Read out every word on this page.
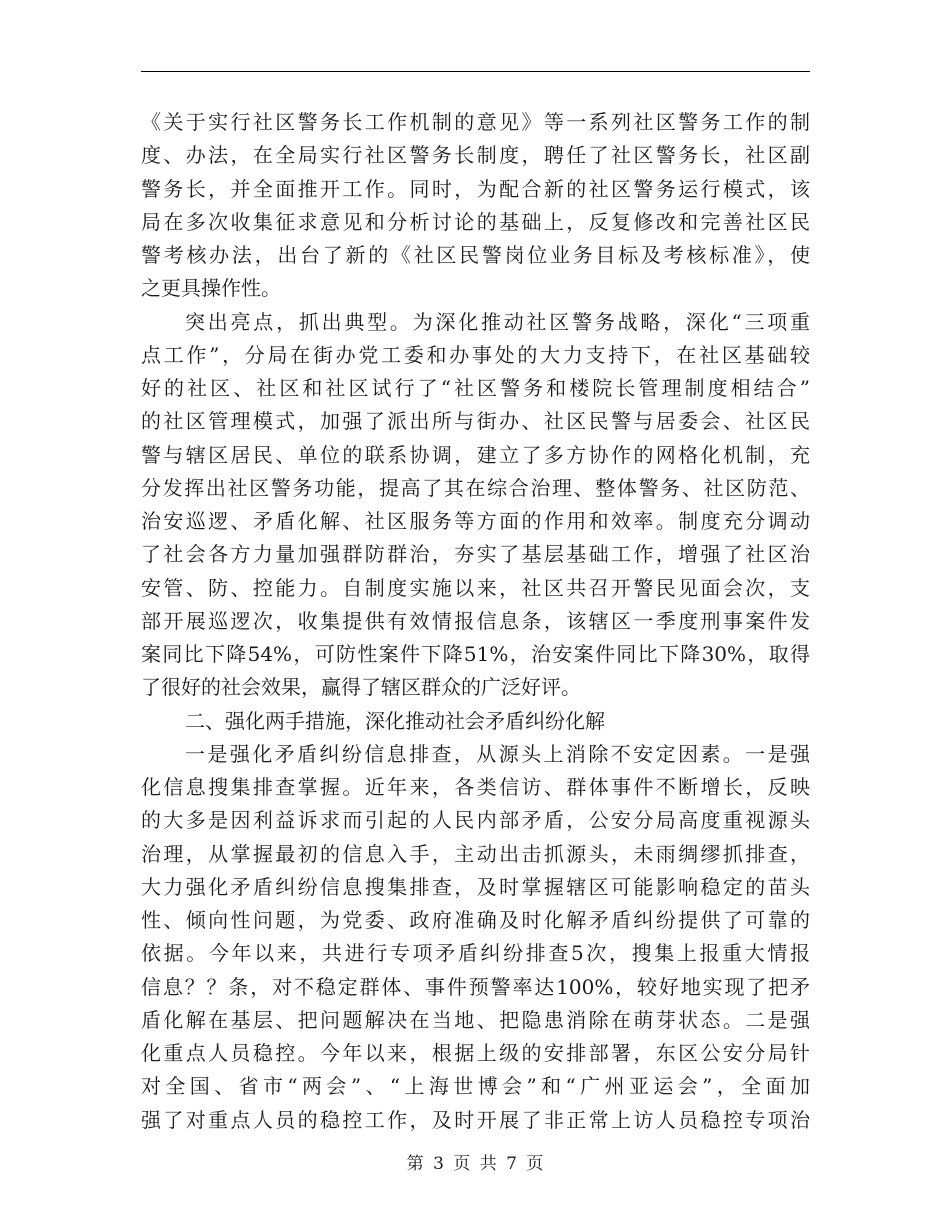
《关于实行社区警务长工作机制的意见》等一系列社区警务工作的制
度、办法，在全局实行社区警务长制度，聘任了社区警务长，社区副
警务长，并全面推开工作。同时，为配合新的社区警务运行模式，该
局在多次收集征求意见和分析讨论的基础上，反复修改和完善社区民
警考核办法，出台了新的《社区民警岗位业务目标及考核标准》，使
之更具操作性。
突出亮点，抓出典型。为深化推动社区警务战略，深化“三项重
点工作”，分局在街办党工委和办事处的大力支持下，在社区基础较
好的社区、社区和社区试行了“社区警务和楼院长管理制度相结合”
的社区管理模式，加强了派出所与街办、社区民警与居委会、社区民
警与辖区居民、单位的联系协调，建立了多方协作的网格化机制，充
分发挥出社区警务功能，提高了其在综合治理、整体警务、社区防范、
治安巡逻、矛盾化解、社区服务等方面的作用和效率。制度充分调动
了社会各方力量加强群防群治，夯实了基层基础工作，增强了社区治
安管、防、控能力。自制度实施以来，社区共召开警民见面会次，支
部开展巡逻次，收集提供有效情报信息条，该辖区一季度刑事案件发
案同比下降54%，可防性案件下降51%，治安案件同比下降30%，取得
了很好的社会效果，赢得了辖区群众的广泛好评。
二、强化两手措施，深化推动社会矛盾纠纷化解
一是强化矛盾纠纷信息排查，从源头上消除不安定因素。一是强
化信息搜集排查掌握。近年来，各类信访、群体事件不断增长，反映
的大多是因利益诉求而引起的人民内部矛盾，公安分局高度重视源头
治理，从掌握最初的信息入手，主动出击抓源头，未雨绸缪抓排查，
大力强化矛盾纠纷信息搜集排查，及时掌握辖区可能影响稳定的苗头
性、倾向性问题，为党委、政府准确及时化解矛盾纠纷提供了可靠的
依据。今年以来，共进行专项矛盾纠纷排查5次，搜集上报重大情报
信息？？条，对不稳定群体、事件预警率达100%，较好地实现了把矛
盾化解在基层、把问题解决在当地、把隐患消除在萌芽状态。二是强
化重点人员稳控。今年以来，根据上级的安排部署，东区公安分局针
对全国、省市“两会”、“上海世博会”和“广州亚运会”，全面加
强了对重点人员的稳控工作，及时开展了非正常上访人员稳控专项治
第 3 页 共 7 页
